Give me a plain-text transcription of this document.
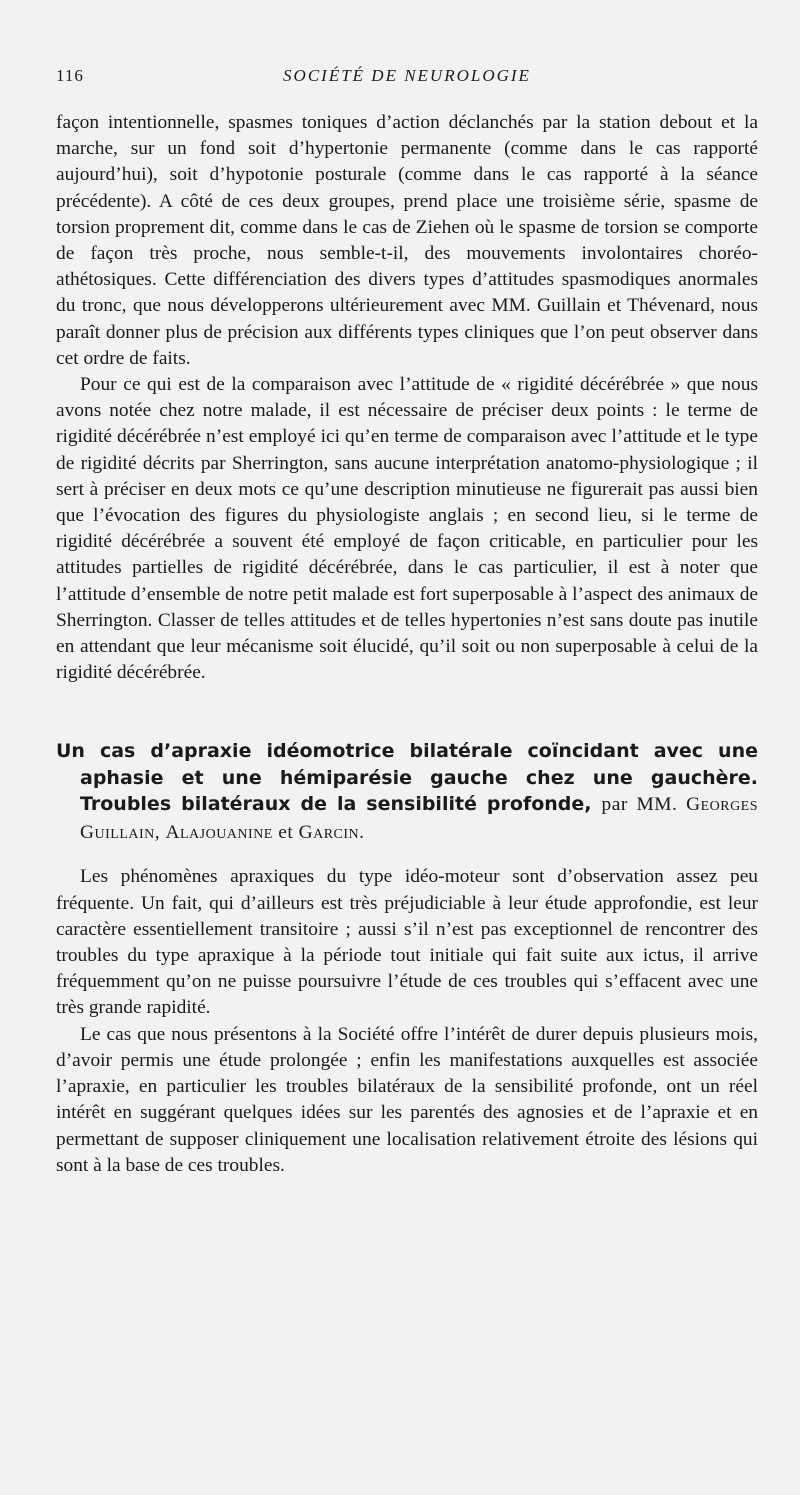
116	SOCIÉTÉ DE NEUROLOGIE

façon intentionnelle, spasmes toniques d’action déclanchés par la station debout et la marche, sur un fond soit d’hypertonie permanente (comme dans le cas rapporté aujourd’hui), soit d’hypotonie posturale (comme dans le cas rapporté à la séance précédente). A côté de ces deux groupes, prend place une troisième série, spasme de torsion proprement dit, comme dans le cas de Ziehen où le spasme de torsion se comporte de façon très proche, nous semble-t-il, des mouvements involontaires choréo-athétosiques. Cette différenciation des divers types d’attitudes spasmodiques anormales du tronc, que nous développerons ultérieurement avec MM. Guillain et Thévenard, nous paraît donner plus de précision aux différents types cliniques que l’on peut observer dans cet ordre de faits.

Pour ce qui est de la comparaison avec l’attitude de « rigidité décérébrée » que nous avons notée chez notre malade, il est nécessaire de préciser deux points : le terme de rigidité décérébrée n’est employé ici qu’en terme de comparaison avec l’attitude et le type de rigidité décrits par Sherrington, sans aucune interprétation anatomo-physiologique ; il sert à préciser en deux mots ce qu’une description minutieuse ne figurerait pas aussi bien que l’évocation des figures du physiologiste anglais ; en second lieu, si le terme de rigidité décérébrée a souvent été employé de façon criticable, en particulier pour les attitudes partielles de rigidité décérébrée, dans le cas particulier, il est à noter que l’attitude d’ensemble de notre petit malade est fort superposable à l’aspect des animaux de Sherrington. Classer de telles attitudes et de telles hypertonies n’est sans doute pas inutile en attendant que leur mécanisme soit élucidé, qu’il soit ou non superposable à celui de la rigidité décérébrée.

Un cas d’apraxie idéomotrice bilatérale coïncidant avec une aphasie et une hémiparésie gauche chez une gauchère. Troubles bilatéraux de la sensibilité profonde, par MM. Georges Guillain, Alajouanine et Garcin.

Les phénomènes apraxiques du type idéo-moteur sont d’observation assez peu fréquente. Un fait, qui d’ailleurs est très préjudiciable à leur étude approfondie, est leur caractère essentiellement transitoire ; aussi s’il n’est pas exceptionnel de rencontrer des troubles du type apraxique à la période tout initiale qui fait suite aux ictus, il arrive fréquemment qu’on ne puisse poursuivre l’étude de ces troubles qui s’effacent avec une très grande rapidité.

Le cas que nous présentons à la Société offre l’intérêt de durer depuis plusieurs mois, d’avoir permis une étude prolongée ; enfin les manifestations auxquelles est associée l’apraxie, en particulier les troubles bilatéraux de la sensibilité profonde, ont un réel intérêt en suggérant quelques idées sur les parentés des agnosies et de l’apraxie et en permettant de supposer cliniquement une localisation relativement étroite des lésions qui sont à la base de ces troubles.
